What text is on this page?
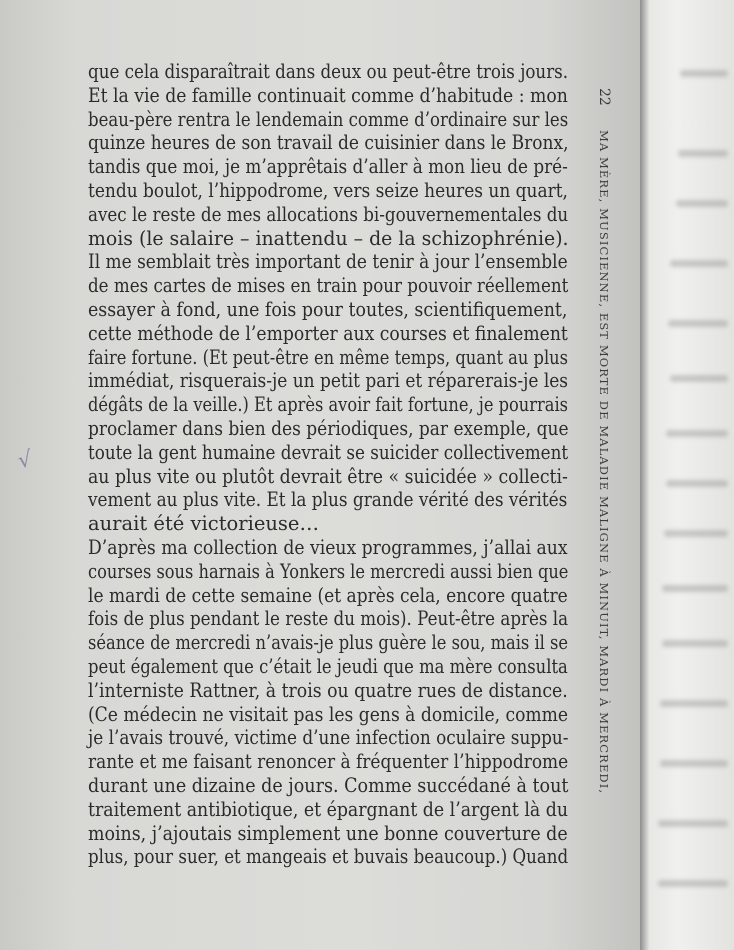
que cela disparaîtrait dans deux ou peut-être trois jours.
Et la vie de famille continuait comme d’habitude : mon
beau-père rentra le lendemain comme d’ordinaire sur les
quinze heures de son travail de cuisinier dans le Bronx,
tandis que moi, je m’apprêtais d’aller à mon lieu de pré-
tendu boulot, l’hippodrome, vers seize heures un quart,
avec le reste de mes allocations bi-gouvernementales du
mois (le salaire – inattendu – de la schizophrénie).
Il me semblait très important de tenir à jour l’ensemble
de mes cartes de mises en train pour pouvoir réellement
essayer à fond, une fois pour toutes, scientifiquement,
cette méthode de l’emporter aux courses et finalement
faire fortune. (Et peut-être en même temps, quant au plus
immédiat, risquerais-je un petit pari et réparerais-je les
dégâts de la veille.) Et après avoir fait fortune, je pourrais
proclamer dans bien des périodiques, par exemple, que
toute la gent humaine devrait se suicider collectivement
au plus vite ou plutôt devrait être « suicidée » collecti-
vement au plus vite. Et la plus grande vérité des vérités
aurait été victorieuse…
D’après ma collection de vieux programmes, j’allai aux
courses sous harnais à Yonkers le mercredi aussi bien que
le mardi de cette semaine (et après cela, encore quatre
fois de plus pendant le reste du mois). Peut-être après la
séance de mercredi n’avais-je plus guère le sou, mais il se
peut également que c’était le jeudi que ma mère consulta
l’interniste Rattner, à trois ou quatre rues de distance.
(Ce médecin ne visitait pas les gens à domicile, comme
je l’avais trouvé, victime d’une infection oculaire suppu-
rante et me faisant renoncer à fréquenter l’hippodrome
durant une dizaine de jours. Comme succédané à tout
traitement antibiotique, et épargnant de l’argent là du
moins, j’ajoutais simplement une bonne couverture de
plus, pour suer, et mangeais et buvais beaucoup.) Quand
22
MA MÈRE, MUSICIENNE, EST MORTE DE MALADIE MALIGNE À MINUIT, MARDI À MERCREDI,
√
